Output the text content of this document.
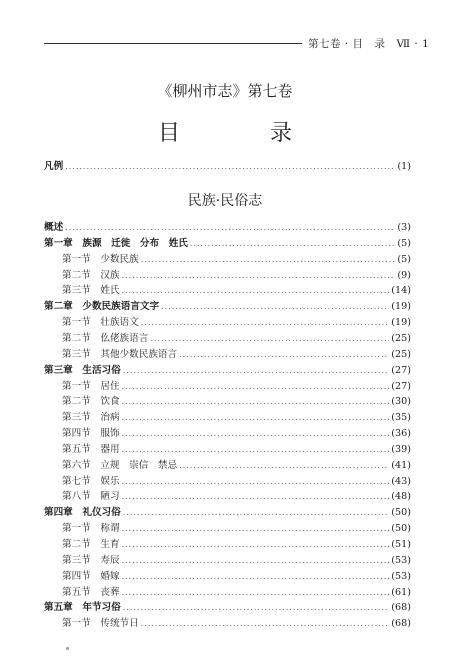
第七卷 · 目　录　Ⅶ · 1
《柳州市志》第七卷
目　录
凡例 .....	(1)
民族·民俗志
概述 .....	(3)
第一章　族源　迁徙　分布　姓氏 .....	(5)
第一节　少数民族 .....	(5)
第二节　汉族 .....	(9)
第三节　姓氏 .....	(14)
第二章　少数民族语言文字 .....	(19)
第一节　壮族语文 .....	(19)
第二节　仫佬族语言 .....	(25)
第三节　其他少数民族语言 .....	(25)
第三章　生活习俗 .....	(27)
第一节　居住 .....	(27)
第二节　饮食 .....	(30)
第三节　治病 .....	(35)
第四节　服饰 .....	(36)
第五节　器用 .....	(39)
第六节　立规　崇信　禁忌 .....	(41)
第七节　娱乐 .....	(43)
第八节　陋习 .....	(48)
第四章　礼仪习俗 .....	(50)
第一节　称谓 .....	(50)
第二节　生育 .....	(51)
第三节　寿辰 .....	(53)
第四节　婚嫁 .....	(53)
第五节　丧葬 .....	(61)
第五章　年节习俗 .....	(68)
第一节　传统节日 .....	(68)
